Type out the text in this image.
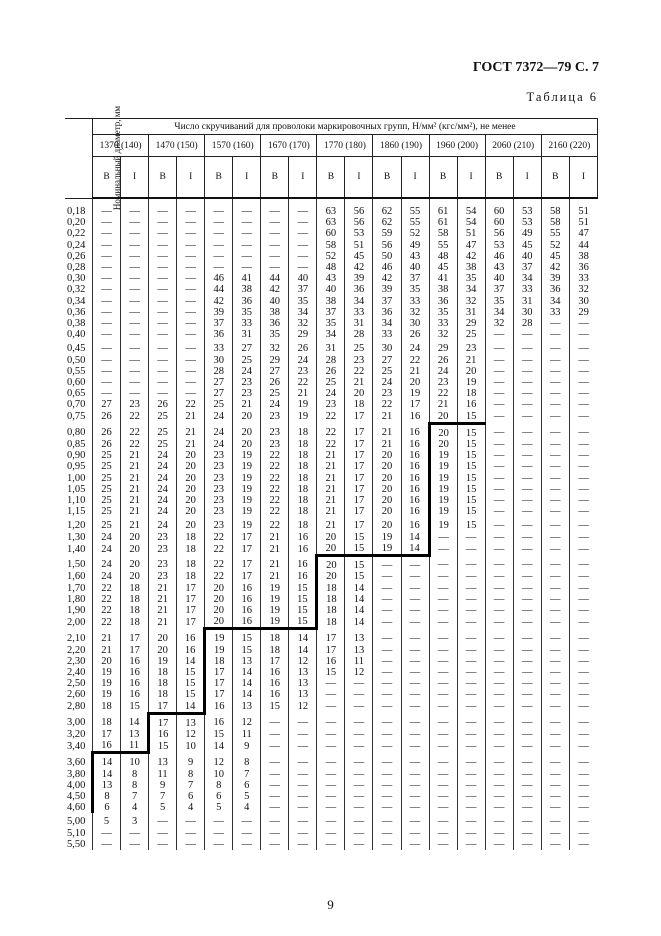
ГОСТ 7372—79 С. 7
Таблица 6
Номинальный диаметр, мм	Число скручиваний для проволоки маркировочных групп, Н/мм² (кгс/мм²), не менее																	
	1370 (140)		1470 (150)		1570 (160)		1670 (170)		1770 (180)		1860 (190)		1960 (200)		2060 (210)		2160 (220)	
	В	I	В	I	В	I	В	I	В	I	В	I	В	I	В	I	В	I
0,18	—	—	—	—	—	—	—	—	63	56	62	55	61	54	60	53	58	51
0,20	—	—	—	—	—	—	—	—	63	56	62	55	61	54	60	53	58	51
0,22	—	—	—	—	—	—	—	—	60	53	59	52	58	51	56	49	55	47
0,24	—	—	—	—	—	—	—	—	58	51	56	49	55	47	53	45	52	44
0,26	—	—	—	—	—	—	—	—	52	45	50	43	48	42	46	40	45	38
0,28	—	—	—	—	—	—	—	—	48	42	46	40	45	38	43	37	42	36
0,30	—	—	—	—	46	41	44	40	43	39	42	37	41	35	40	34	39	33
0,32	—	—	—	—	44	38	42	37	40	36	39	35	38	34	37	33	36	32
0,34	—	—	—	—	42	36	40	35	38	34	37	33	36	32	35	31	34	30
0,36	—	—	—	—	39	35	38	34	37	33	36	32	35	31	34	30	33	29
0,38	—	—	—	—	37	33	36	32	35	31	34	30	33	29	32	28	—	—
0,40	—	—	—	—	36	31	35	29	34	28	33	26	32	25	—	—	—	—
0,45	—	—	—	—	33	27	32	26	31	25	30	24	29	23	—	—	—	—
0,50	—	—	—	—	30	25	29	24	28	23	27	22	26	21	—	—	—	—
0,55	—	—	—	—	28	24	27	23	26	22	25	21	24	20	—	—	—	—
0,60	—	—	—	—	27	23	26	22	25	21	24	20	23	19	—	—	—	—
0,65	—	—	—	—	27	23	25	21	24	20	23	19	22	18	—	—	—	—
0,70	27	23	26	22	25	21	24	19	23	18	22	17	21	16	—	—	—	—
0,75	26	22	25	21	24	20	23	19	22	17	21	16	20	15	—	—	—	—
0,80	26	22	25	21	24	20	23	18	22	17	21	16	20	15	—	—	—	—
0,85	26	22	25	21	24	20	23	18	22	17	21	16	20	15	—	—	—	—
0,90	25	21	24	20	23	19	22	18	21	17	20	16	19	15	—	—	—	—
0,95	25	21	24	20	23	19	22	18	21	17	20	16	19	15	—	—	—	—
1,00	25	21	24	20	23	19	22	18	21	17	20	16	19	15	—	—	—	—
1,05	25	21	24	20	23	19	22	18	21	17	20	16	19	15	—	—	—	—
1,10	25	21	24	20	23	19	22	18	21	17	20	16	19	15	—	—	—	—
1,15	25	21	24	20	23	19	22	18	21	17	20	16	19	15	—	—	—	—
1,20	25	21	24	20	23	19	22	18	21	17	20	16	19	15	—	—	—	—
1,30	24	20	23	18	22	17	21	16	20	15	19	14	—	—	—	—	—	—
1,40	24	20	23	18	22	17	21	16	20	15	19	14	—	—	—	—	—	—
1,50	24	20	23	18	22	17	21	16	20	15	—	—	—	—	—	—	—	—
1,60	24	20	23	18	22	17	21	16	20	15	—	—	—	—	—	—	—	—
1,70	22	18	21	17	20	16	19	15	18	14	—	—	—	—	—	—	—	—
1,80	22	18	21	17	20	16	19	15	18	14	—	—	—	—	—	—	—	—
1,90	22	18	21	17	20	16	19	15	18	14	—	—	—	—	—	—	—	—
2,00	22	18	21	17	20	16	19	15	18	14	—	—	—	—	—	—	—	—
2,10	21	17	20	16	19	15	18	14	17	13	—	—	—	—	—	—	—	—
2,20	21	17	20	16	19	15	18	14	17	13	—	—	—	—	—	—	—	—
2,30	20	16	19	14	18	13	17	12	16	11	—	—	—	—	—	—	—	—
2,40	19	16	18	15	17	14	16	13	15	12	—	—	—	—	—	—	—	—
2,50	19	16	18	15	17	14	16	13	—	—	—	—	—	—	—	—	—	—
2,60	19	16	18	15	17	14	16	13	—	—	—	—	—	—	—	—	—	—
2,80	18	15	17	14	16	13	15	12	—	—	—	—	—	—	—	—	—	—
3,00	18	14	17	13	16	12	—	—	—	—	—	—	—	—	—	—	—	—
3,20	17	13	16	12	15	11	—	—	—	—	—	—	—	—	—	—	—	—
3,40	16	11	15	10	14	9	—	—	—	—	—	—	—	—	—	—	—	—
3,60	14	10	13	9	12	8	—	—	—	—	—	—	—	—	—	—	—	—
3,80	14	8	11	8	10	7	—	—	—	—	—	—	—	—	—	—	—	—
4,00	13	8	9	7	8	6	—	—	—	—	—	—	—	—	—	—	—	—
4,50	8	7	7	6	6	5	—	—	—	—	—	—	—	—	—	—	—	—
4,60	6	4	5	4	5	4	—	—	—	—	—	—	—	—	—	—	—	—
5,00	5	3	—	—	—	—	—	—	—	—	—	—	—	—	—	—	—	—
5,10	—	—	—	—	—	—	—	—	—	—	—	—	—	—	—	—	—	—
5,50	—	—	—	—	—	—	—	—	—	—	—	—	—	—	—	—	—	—
9
